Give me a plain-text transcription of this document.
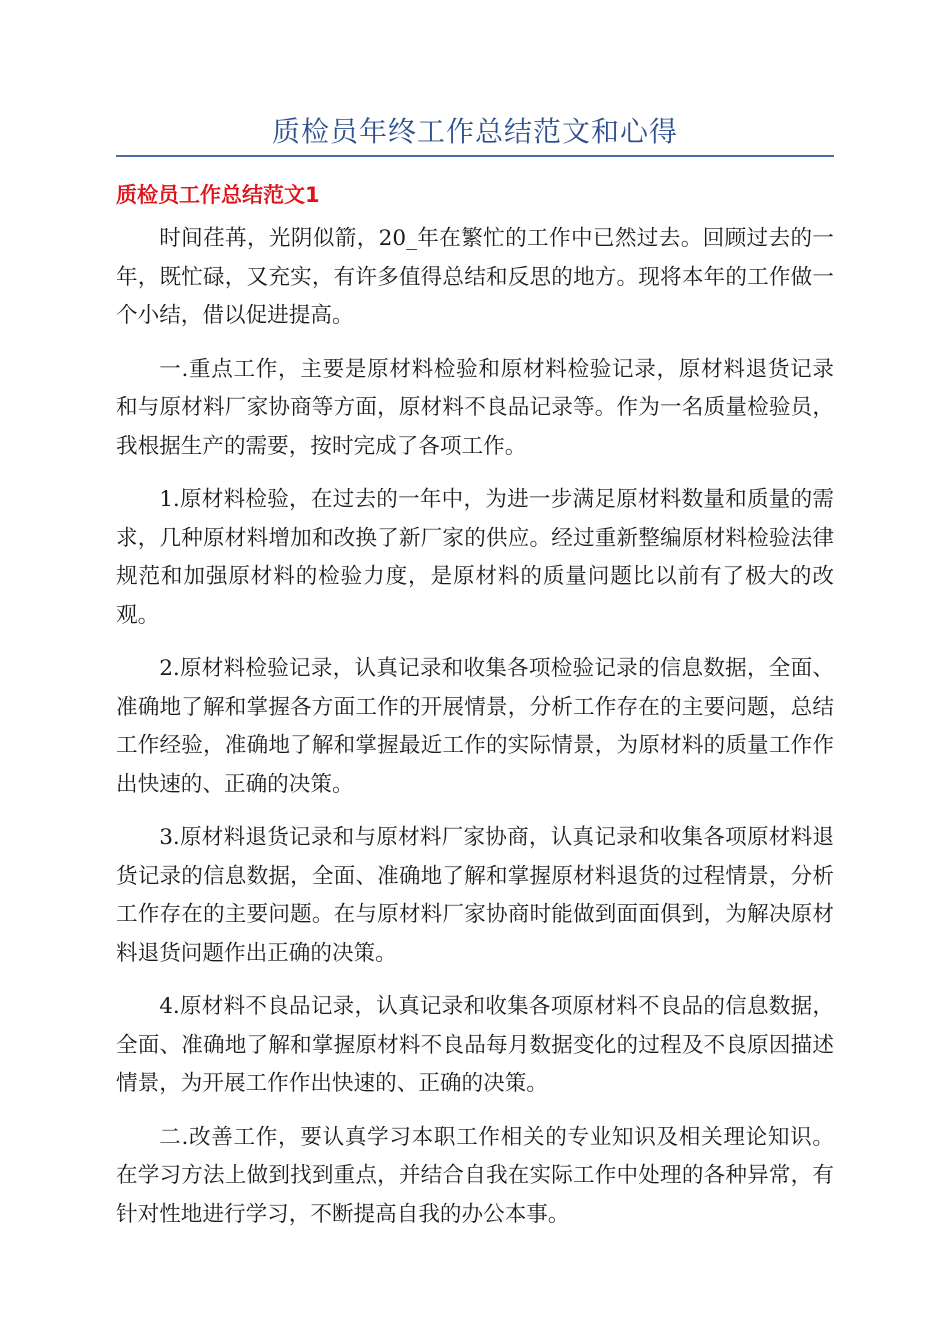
质检员年终工作总结范文和心得
质检员工作总结范文1

时间荏苒，光阴似箭，20_年在繁忙的工作中已然过去。回顾过去的一年，既忙碌，又充实，有许多值得总结和反思的地方。现将本年的工作做一个小结，借以促进提高。

一.重点工作，主要是原材料检验和原材料检验记录，原材料退货记录和与原材料厂家协商等方面，原材料不良品记录等。作为一名质量检验员，我根据生产的需要，按时完成了各项工作。

1.原材料检验，在过去的一年中，为进一步满足原材料数量和质量的需求，几种原材料增加和改换了新厂家的供应。经过重新整编原材料检验法律规范和加强原材料的检验力度，是原材料的质量问题比以前有了极大的改观。

2.原材料检验记录，认真记录和收集各项检验记录的信息数据，全面、准确地了解和掌握各方面工作的开展情景，分析工作存在的主要问题，总结工作经验，准确地了解和掌握最近工作的实际情景，为原材料的质量工作作出快速的、正确的决策。

3.原材料退货记录和与原材料厂家协商，认真记录和收集各项原材料退货记录的信息数据，全面、准确地了解和掌握原材料退货的过程情景，分析工作存在的主要问题。在与原材料厂家协商时能做到面面俱到，为解决原材料退货问题作出正确的决策。

4.原材料不良品记录，认真记录和收集各项原材料不良品的信息数据，全面、准确地了解和掌握原材料不良品每月数据变化的过程及不良原因描述情景，为开展工作作出快速的、正确的决策。

二.改善工作，要认真学习本职工作相关的专业知识及相关理论知识。在学习方法上做到找到重点，并结合自我在实际工作中处理的各种异常，有针对性地进行学习，不断提高自我的办公本事。
